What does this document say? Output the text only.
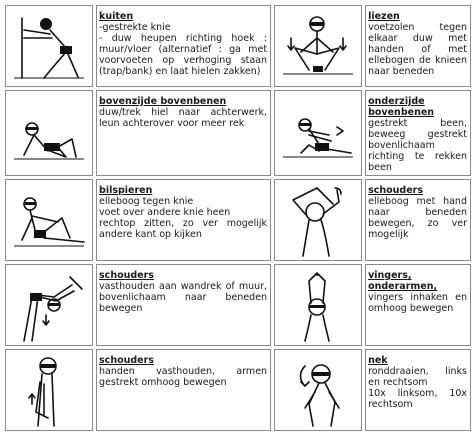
kuiten
-gestrekte knie
- duw heupen richting hoek : muur/vloer (alternatief : ga met voorvoeten op verhoging staan (trap/bank) en laat hielen zakken)		liezen
voetzolen tegen elkaar duw met handen of met ellebogen de knieen naar beneden

bovenzijde bovenbenen
duw/trek hiel naar achterwerk, leun achterover voor meer rek		onderzijde bovenbenen
gestrekt been, beweeg gestrekt bovenlichaam richting te rekken been

bilspieren
elleboog tegen knie
voet over andere knie heen
rechtop zitten, zo ver mogelijk andere kant op kijken		schouders
elleboog met hand naar beneden bewegen, zo ver mogelijk

schouders
vasthouden aan wandrek of muur, bovenlichaam naar beneden bewegen		vingers, onderarmen,
vingers inhaken en omhoog bewegen

schouders
handen vasthouden, armen gestrekt omhoog bewegen		nek
ronddraaien, links en rechtsom
10x linksom, 10x rechtsom
